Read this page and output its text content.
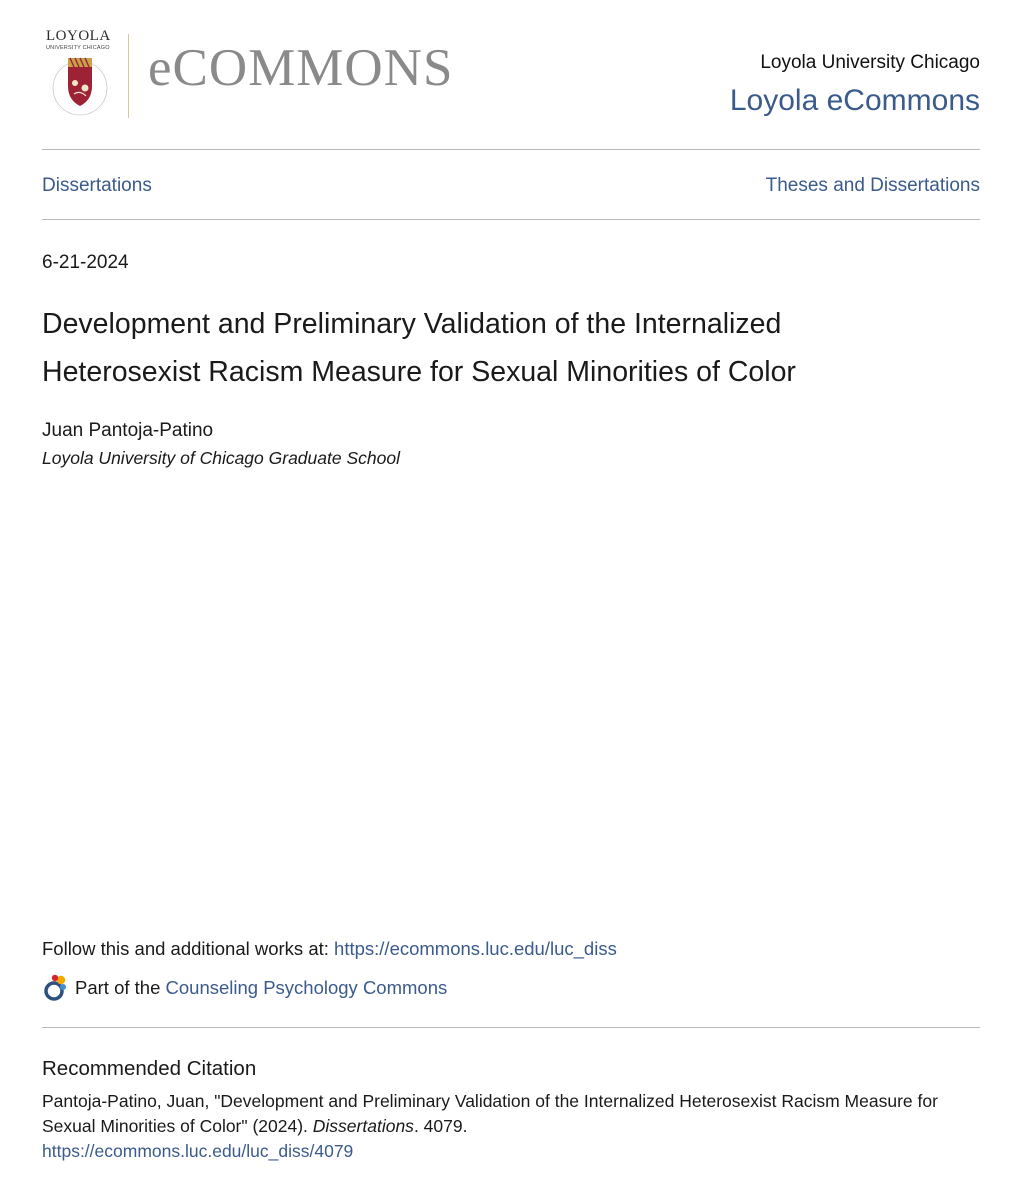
LOYOLA
UNIVERSITY CHICAGO eCOMMONS	Loyola University Chicago
Loyola eCommons
Dissertations	Theses and Dissertations
6-21-2024
Development and Preliminary Validation of the Internalized
Heterosexist Racism Measure for Sexual Minorities of Color
Juan Pantoja-Patino
Loyola University of Chicago Graduate School
Follow this and additional works at: https://ecommons.luc.edu/luc_diss
Part of the
Counseling Psychology Commons
Recommended Citation
Pantoja-Patino, Juan, "Development and Preliminary Validation of the Internalized Heterosexist Racism Measure for Sexual Minorities of Color" (2024). Dissertations. 4079.
https://ecommons.luc.edu/luc_diss/4079
